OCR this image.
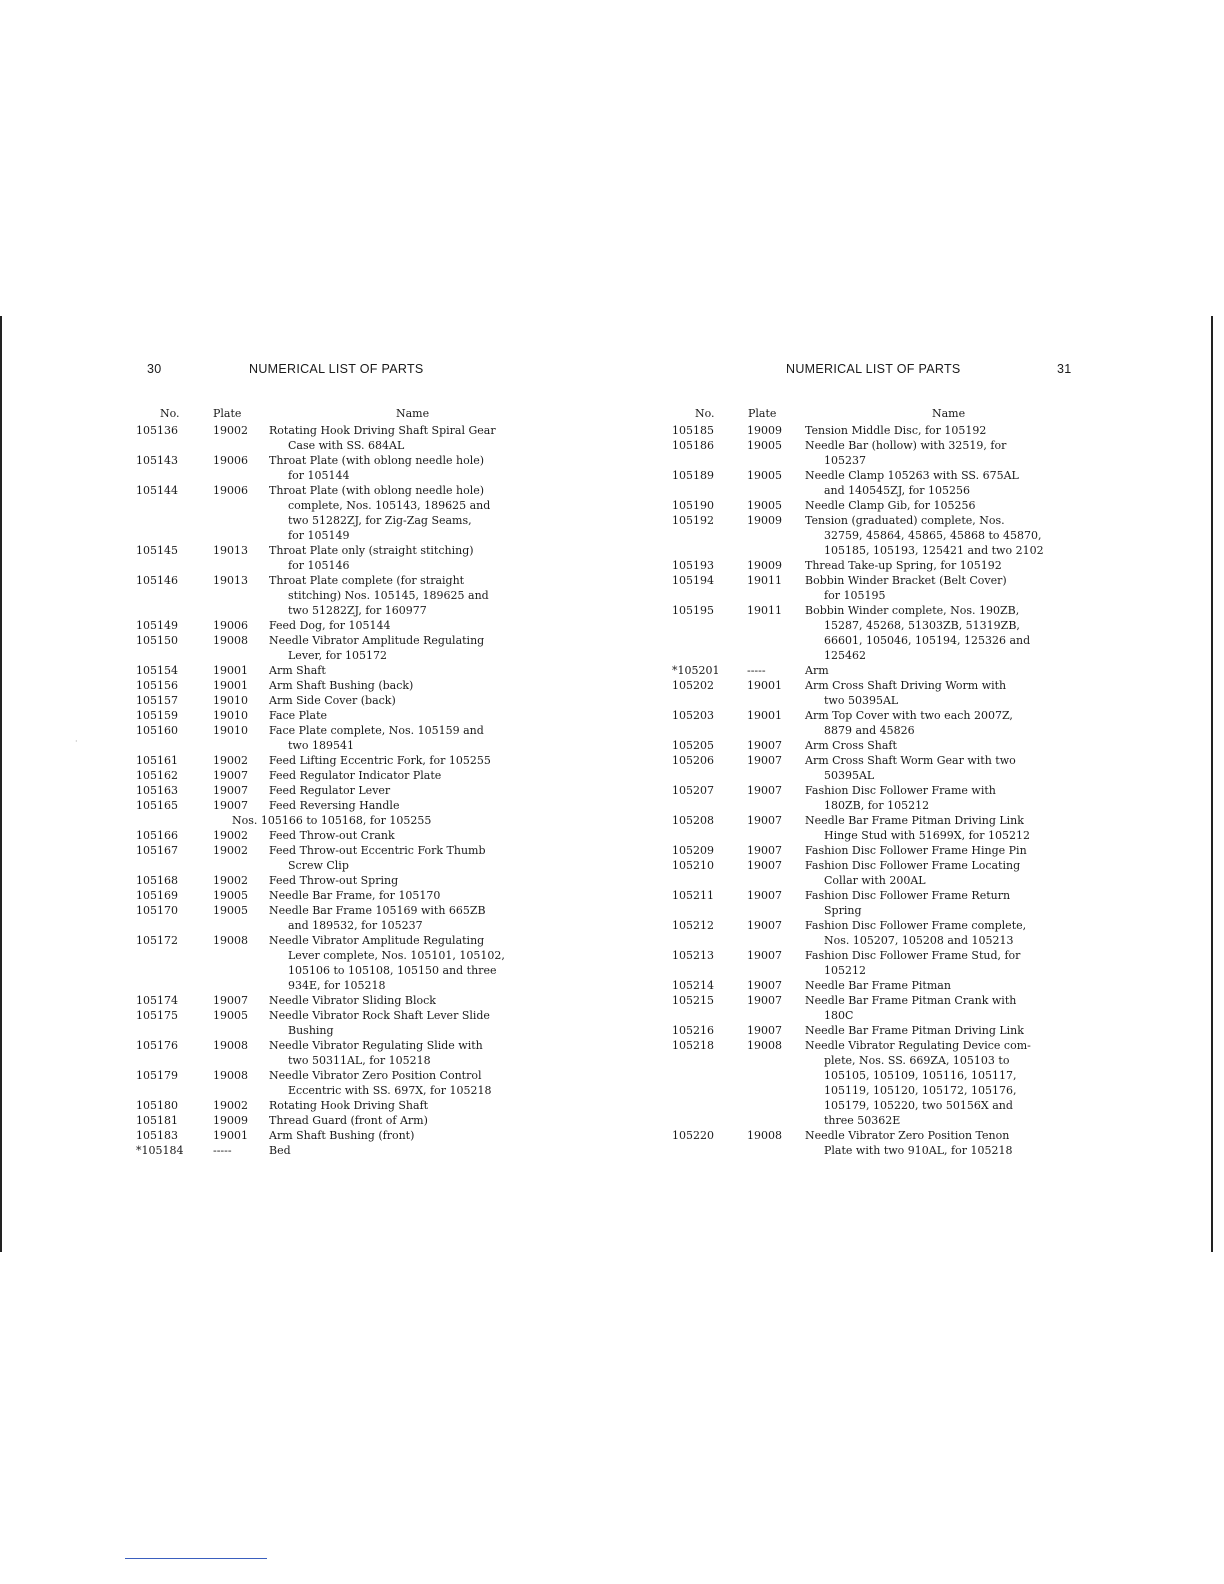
30	NUMERICAL LIST OF PARTS	NUMERICAL LIST OF PARTS	31
No.	Plate	Name	No.	Plate	Name
105136	19002 Rotating Hook Driving Shaft Spiral Gear
Case with SS. 684AL
105143	19006 Throat Plate (with oblong needle hole)
for 105144
105144	19006 Throat Plate (with oblong needle hole)
complete, Nos. 105143, 189625 and
two 51282ZJ, for Zig-Zag Seams,
for 105149
105145	19013 Throat Plate only (straight stitching)
for 105146
105146	19013 Throat Plate complete (for straight
stitching) Nos. 105145, 189625 and
two 51282ZJ, for 160977
105149	19006 Feed Dog, for 105144
105150	19008 Needle Vibrator Amplitude Regulating
Lever, for 105172
105154	19001 Arm Shaft
105156	19001 Arm Shaft Bushing (back)
105157	19010 Arm Side Cover (back)
105159	19010 Face Plate
105160	19010 Face Plate complete, Nos. 105159 and
two 189541
105161	19002 Feed Lifting Eccentric Fork, for 105255
105162	19007 Feed Regulator Indicator Plate
105163	19007 Feed Regulator Lever
105165	19007 Feed Reversing Handle
Nos. 105166 to 105168, for 105255
105166	19002 Feed Throw-out Crank
105167	19002 Feed Throw-out Eccentric Fork Thumb
Screw Clip
105168	19002 Feed Throw-out Spring
105169	19005 Needle Bar Frame, for 105170
105170	19005 Needle Bar Frame 105169 with 665ZB
and 189532, for 105237
105172	19008 Needle Vibrator Amplitude Regulating
Lever complete, Nos. 105101, 105102,
105106 to 105108, 105150 and three
934E, for 105218
105174	19007 Needle Vibrator Sliding Block
105175	19005 Needle Vibrator Rock Shaft Lever Slide
Bushing
105176	19008 Needle Vibrator Regulating Slide with
two 50311AL, for 105218
105179	19008 Needle Vibrator Zero Position Control
Eccentric with SS. 697X, for 105218
105180	19002 Rotating Hook Driving Shaft
105181	19009 Thread Guard (front of Arm)
105183	19001 Arm Shaft Bushing (front)
*105184	-----	Bed
105185	19009 Tension Middle Disc, for 105192
105186	19005 Needle Bar (hollow) with 32519, for
105237
105189	19005 Needle Clamp 105263 with SS. 675AL
and 140545ZJ, for 105256
105190	19005 Needle Clamp Gib, for 105256
105192	19009 Tension (graduated) complete, Nos.
32759, 45864, 45865, 45868 to 45870,
105185, 105193, 125421 and two 2102
105193	19009 Thread Take-up Spring, for 105192
105194	19011 Bobbin Winder Bracket (Belt Cover)
for 105195
105195	19011 Bobbin Winder complete, Nos. 190ZB,
15287, 45268, 51303ZB, 51319ZB,
66601, 105046, 105194, 125326 and
125462
*105201	-----	Arm
105202	19001 Arm Cross Shaft Driving Worm with
two 50395AL
105203	19001 Arm Top Cover with two each 2007Z,
8879 and 45826
105205	19007 Arm Cross Shaft
105206	19007 Arm Cross Shaft Worm Gear with two
50395AL
105207	19007 Fashion Disc Follower Frame with
180ZB, for 105212
105208	19007 Needle Bar Frame Pitman Driving Link
Hinge Stud with 51699X, for 105212
105209	19007 Fashion Disc Follower Frame Hinge Pin
105210	19007 Fashion Disc Follower Frame Locating
Collar with 200AL
105211	19007 Fashion Disc Follower Frame Return
Spring
105212	19007 Fashion Disc Follower Frame complete,
Nos. 105207, 105208 and 105213
105213	19007 Fashion Disc Follower Frame Stud, for
105212
105214	19007 Needle Bar Frame Pitman
105215	19007 Needle Bar Frame Pitman Crank with
180C
105216	19007 Needle Bar Frame Pitman Driving Link
105218	19008 Needle Vibrator Regulating Device com-
plete, Nos. SS. 669ZA, 105103 to
105105, 105109, 105116, 105117,
105119, 105120, 105172, 105176,
105179, 105220, two 50156X and
three 50362E
105220	19008 Needle Vibrator Zero Position Tenon
Plate with two 910AL, for 105218
·
